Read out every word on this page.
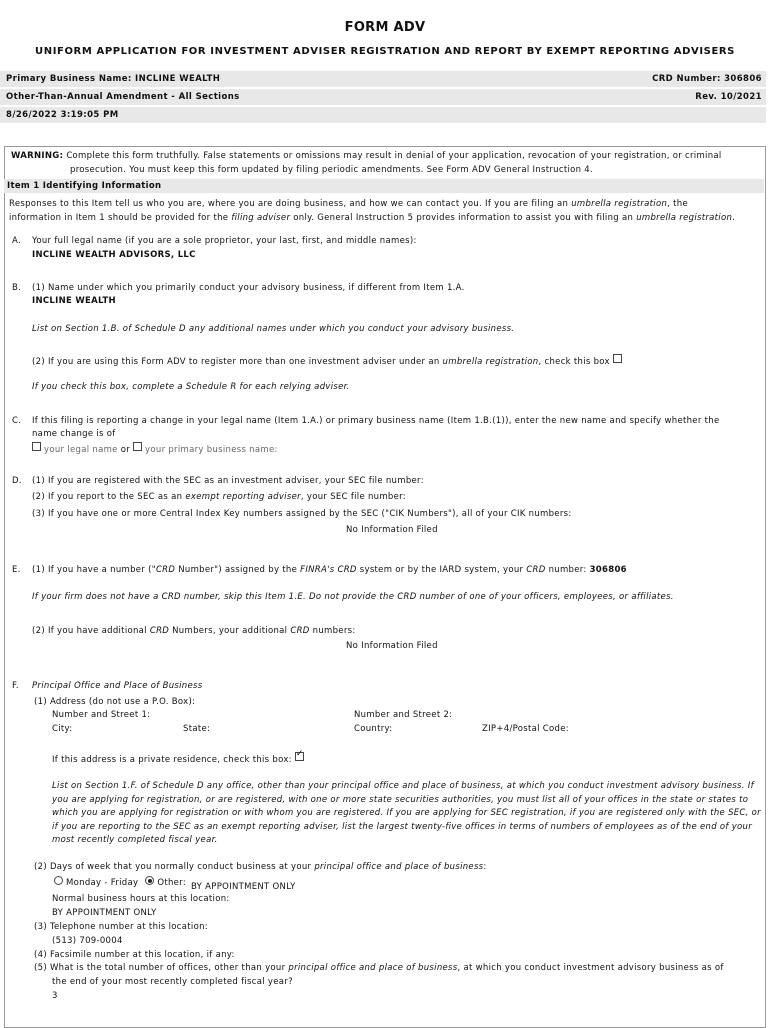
FORM ADV
UNIFORM APPLICATION FOR INVESTMENT ADVISER REGISTRATION AND REPORT BY EXEMPT REPORTING ADVISERS
Primary Business Name: INCLINE WEALTH	CRD Number: 306806
Other-Than-Annual Amendment - All Sections	Rev. 10/2021
8/26/2022 3:19:05 PM
WARNING: Complete this form truthfully. False statements or omissions may result in denial of your application, revocation of your registration, or criminal
prosecution. You must keep this form updated by filing periodic amendments. See Form ADV General Instruction 4.
Item 1 Identifying Information
Responses to this Item tell us who you are, where you are doing business, and how we can contact you. If you are filing an umbrella registration, the
information in Item 1 should be provided for the filing adviser only. General Instruction 5 provides information to assist you with filing an umbrella registration.
A. Your full legal name (if you are a sole proprietor, your last, first, and middle names):
INCLINE WEALTH ADVISORS, LLC
B. (1) Name under which you primarily conduct your advisory business, if different from Item 1.A.
INCLINE WEALTH
List on Section 1.B. of Schedule D any additional names under which you conduct your advisory business.
(2) If you are using this Form ADV to register more than one investment adviser under an umbrella registration, check this box
If you check this box, complete a Schedule R for each relying adviser.
C. If this filing is reporting a change in your legal name (Item 1.A.) or primary business name (Item 1.B.(1)), enter the new name and specify whether the
name change is of
your legal name or your primary business name:
D. (1) If you are registered with the SEC as an investment adviser, your SEC file number:
(2) If you report to the SEC as an exempt reporting adviser, your SEC file number:
(3) If you have one or more Central Index Key numbers assigned by the SEC ("CIK Numbers"), all of your CIK numbers:
No Information Filed
E. (1) If you have a number ("CRD Number") assigned by the FINRA's CRD system or by the IARD system, your CRD number: 306806
If your firm does not have a CRD number, skip this Item 1.E. Do not provide the CRD number of one of your officers, employees, or affiliates.
(2) If you have additional CRD Numbers, your additional CRD numbers:
No Information Filed
F. Principal Office and Place of Business
(1) Address (do not use a P.O. Box):
Number and Street 1:	Number and Street 2:
City:	State:	Country:	ZIP+4/Postal Code:
If this address is a private residence, check this box:
✓
List on Section 1.F. of Schedule D any office, other than your principal office and place of business, at which you conduct investment advisory business. If
you are applying for registration, or are registered, with one or more state securities authorities, you must list all of your offices in the state or states to
which you are applying for registration or with whom you are registered. If you are applying for SEC registration, if you are registered only with the SEC, or
if you are reporting to the SEC as an exempt reporting adviser, list the largest twenty-five offices in terms of numbers of employees as of the end of your
most recently completed fiscal year.
(2) Days of week that you normally conduct business at your principal office and place of business:
Monday - Friday Other: BY APPOINTMENT ONLY
Normal business hours at this location:
BY APPOINTMENT ONLY
(3) Telephone number at this location:
(513) 709-0004
(4) Facsimile number at this location, if any:
(5) What is the total number of offices, other than your principal office and place of business, at which you conduct investment advisory business as of
the end of your most recently completed fiscal year?
3
